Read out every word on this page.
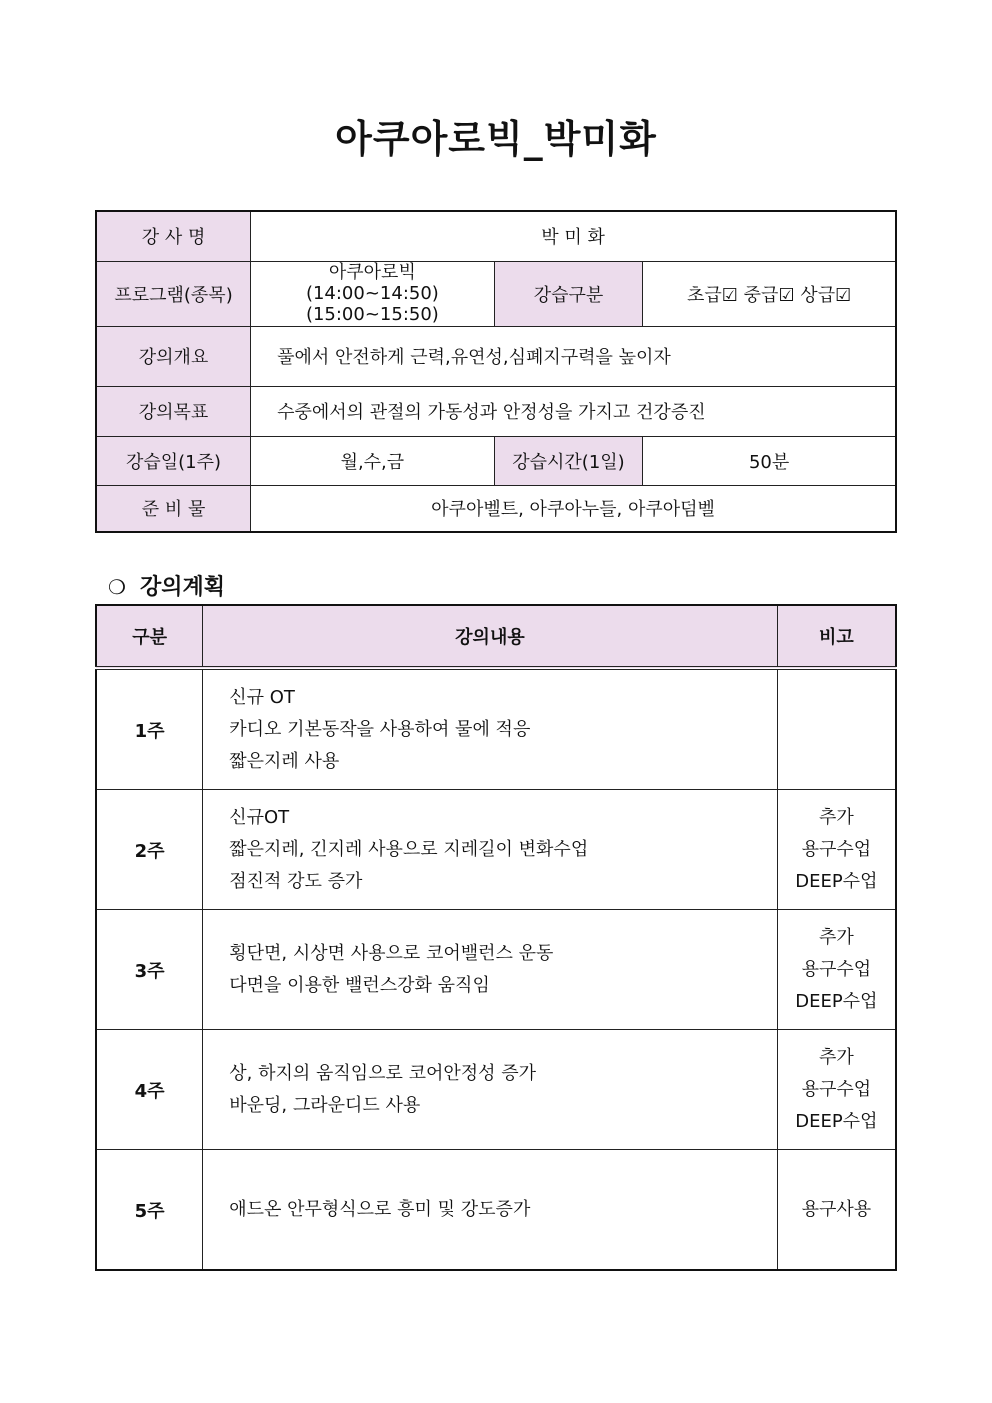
아쿠아로빅_박미화
강 사 명	박 미 화		
프로그램(종목)	아쿠아로빅
(14:00~14:50)
(15:00~15:50)	강습구분	초급☑ 중급☑ 상급☑
강의개요	풀에서 안전하게 근력,유연성,심폐지구력을 높이자		
강의목표	수중에서의 관절의 가동성과 안정성을 가지고 건강증진		
강습일(1주)	월,수,금	강습시간(1일)	50분
준 비 물	아쿠아벨트, 아쿠아누들, 아쿠아덤벨		
❍ 강의계획
구분	강의내용	비고
1주	신규 OT
카디오 기본동작을 사용하여 물에 적응
짧은지레 사용	

2주	신규OT
짧은지레, 긴지레 사용으로 지레길이 변화수업
점진적 강도 증가	추가
용구수업
DEEP수업

3주	횡단면, 시상면 사용으로 코어밸런스 운동
다면을 이용한 밸런스강화 움직임	추가
용구수업
DEEP수업

4주	상, 하지의 움직임으로 코어안정성 증가
바운딩, 그라운디드 사용	추가
용구수업
DEEP수업

5주	애드온 안무형식으로 흥미 및 강도증가	용구사용
